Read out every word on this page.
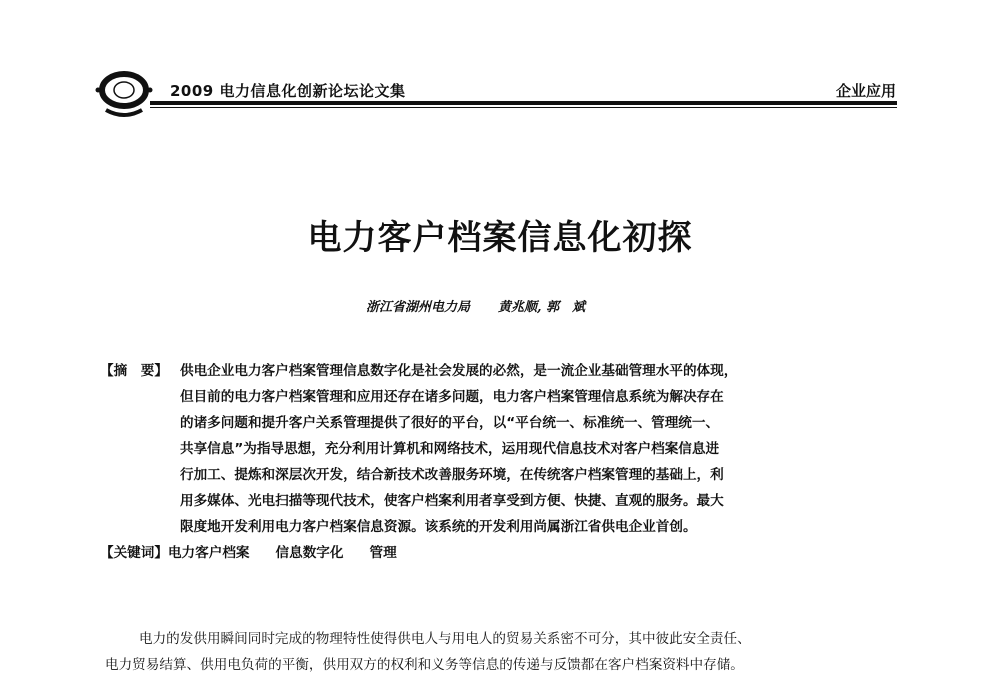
2009 电力信息化创新论坛论文集	企业应用
电力客户档案信息化初探
浙江省湖州电力局 黄兆顺, 郭　斌
【摘　要】 供电企业电力客户档案管理信息数字化是社会发展的必然，是一流企业基础管理水平的体现，
但目前的电力客户档案管理和应用还存在诸多问题，电力客户档案管理信息系统为解决存在
的诸多问题和提升客户关系管理提供了很好的平台，以“平台统一、标准统一、管理统一、
共享信息”为指导思想，充分利用计算机和网络技术，运用现代信息技术对客户档案信息进
行加工、提炼和深层次开发，结合新技术改善服务环境，在传统客户档案管理的基础上，利
用多媒体、光电扫描等现代技术，使客户档案利用者享受到方便、快捷、直观的服务。最大
限度地开发利用电力客户档案信息资源。该系统的开发利用尚属浙江省供电企业首创。
【关键词】电力客户档案 信息数字化 管理
电力的发供用瞬间同时完成的物理特性使得供电人与用电人的贸易关系密不可分，其中彼此安全责任、
电力贸易结算、供用电负荷的平衡，供用双方的权利和义务等信息的传递与反馈都在客户档案资料中存储。
